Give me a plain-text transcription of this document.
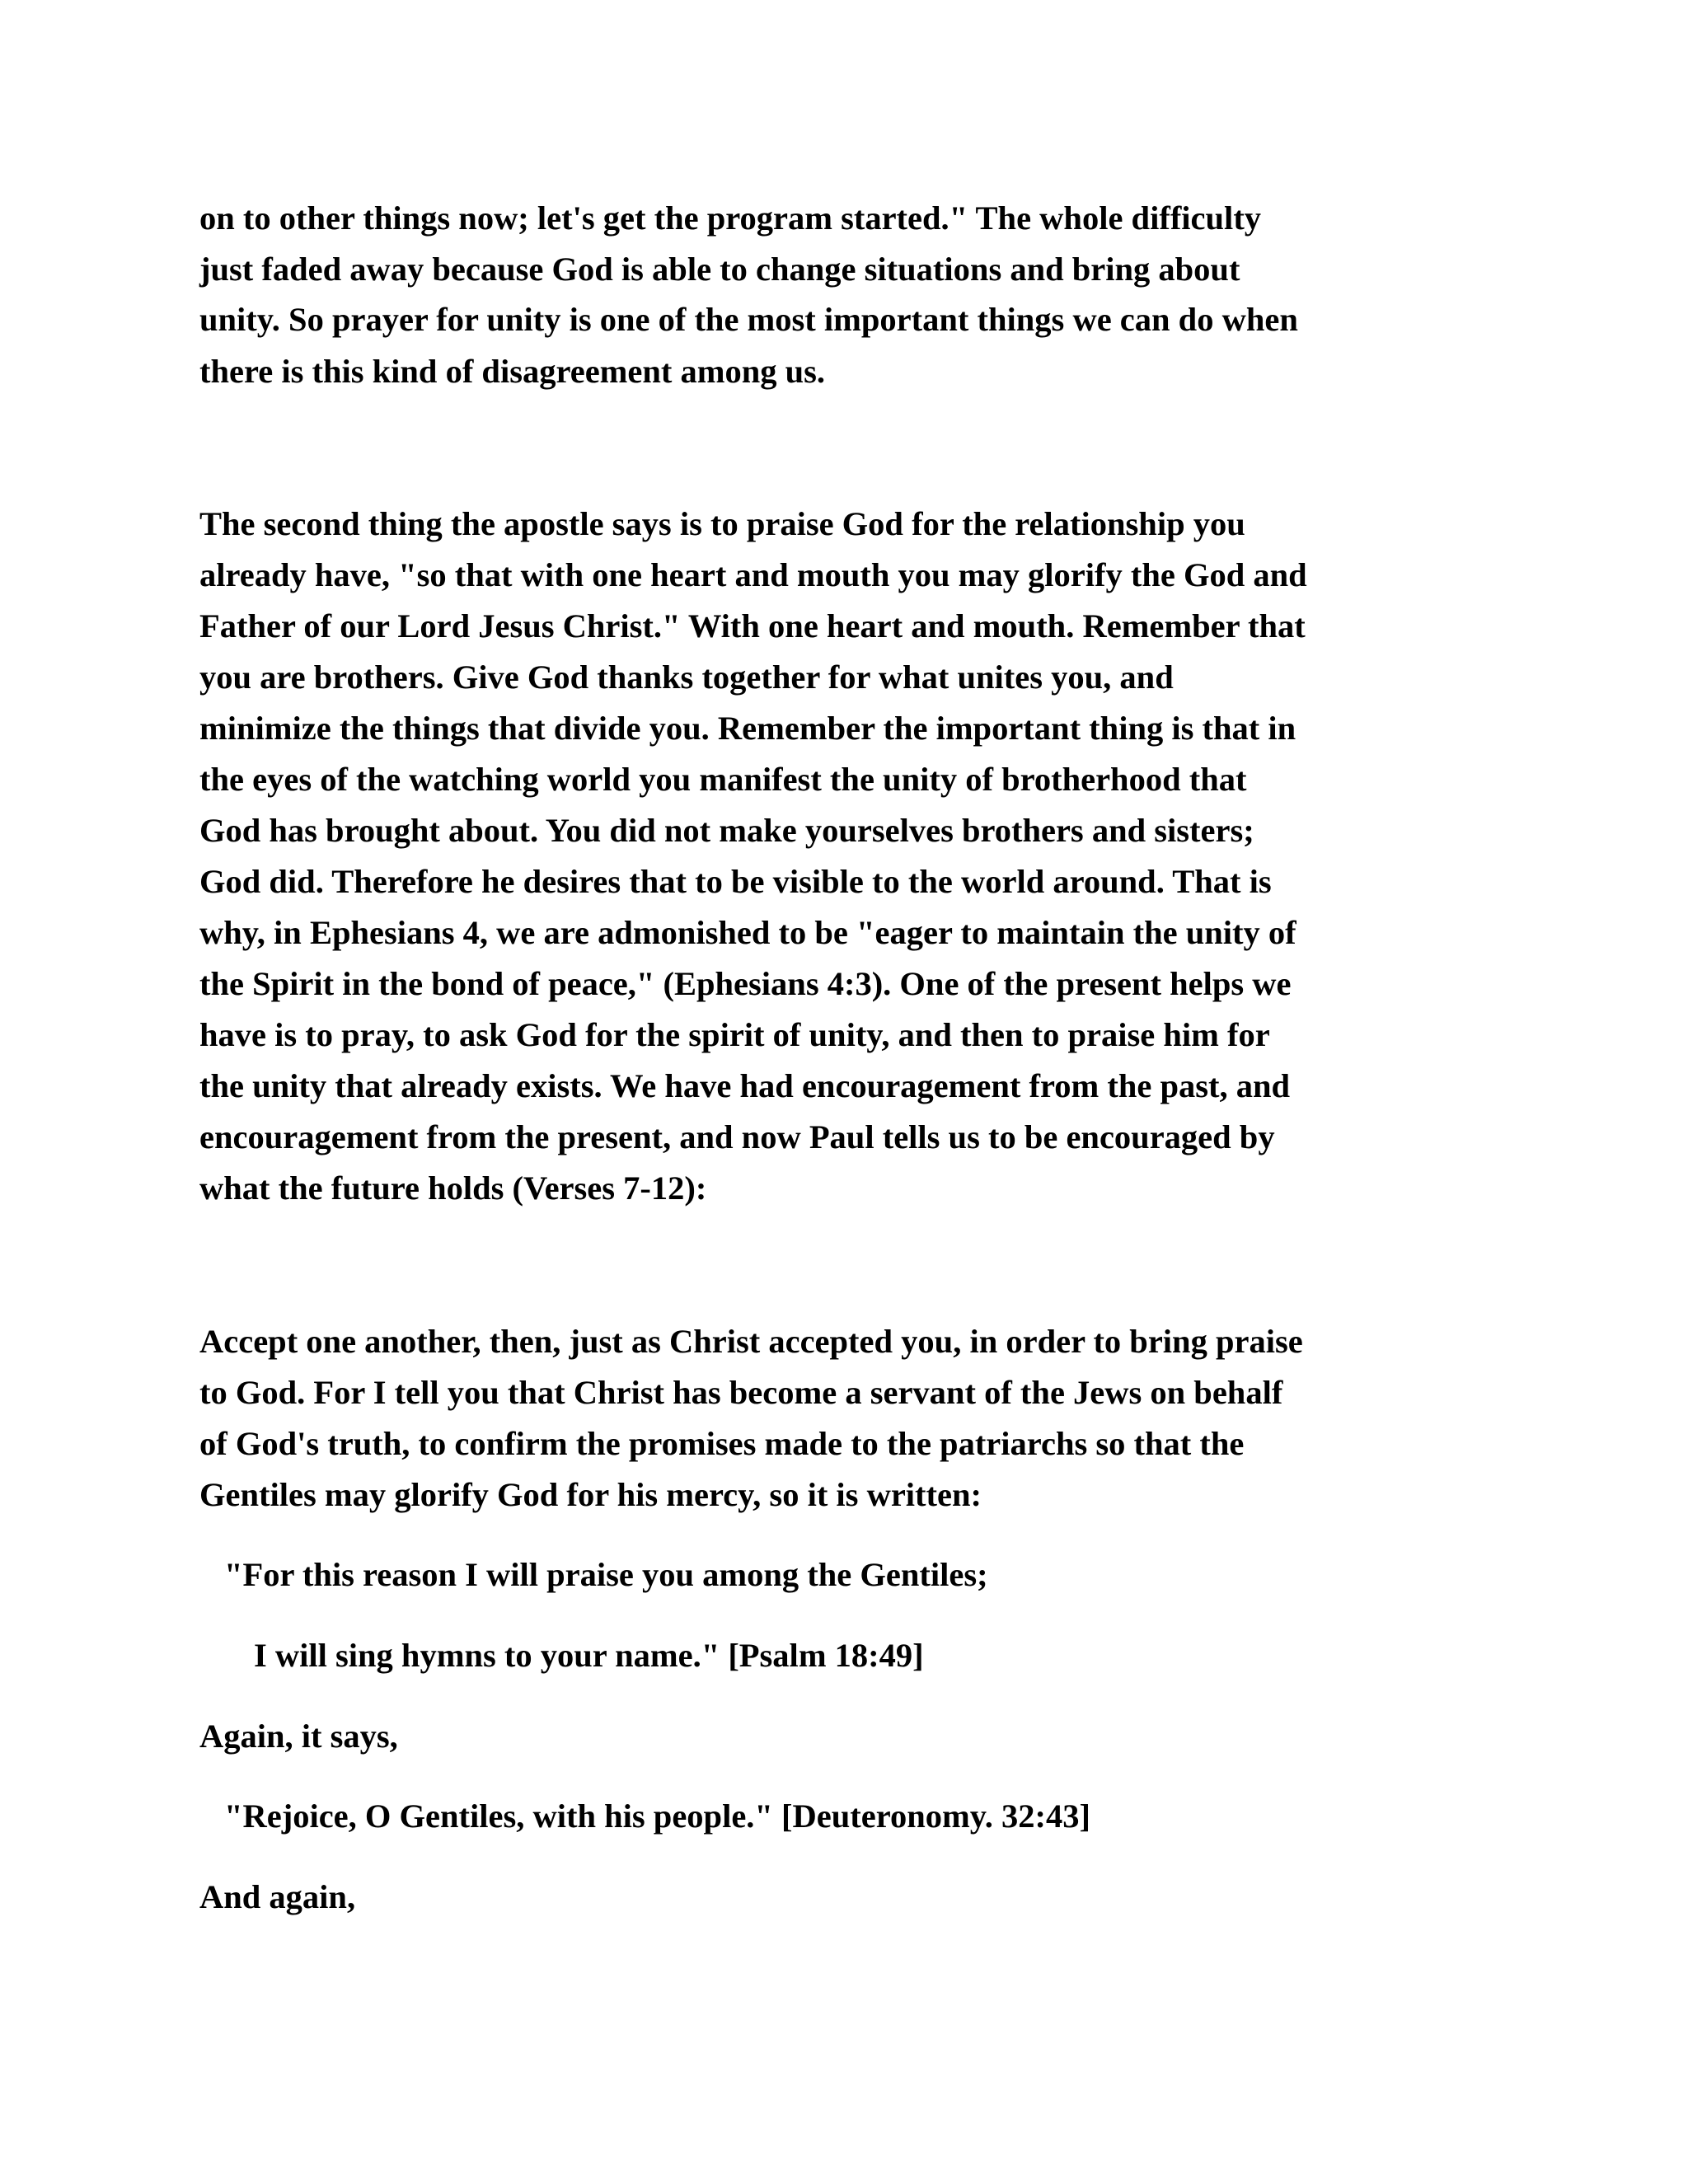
on to other things now; let's get the program started." The whole difficulty

just faded away because God is able to change situations and bring about

unity. So prayer for unity is one of the most important things we can do when

there is this kind of disagreement among us.

The second thing the apostle says is to praise God for the relationship you

already have, "so that with one heart and mouth you may glorify the God and

Father of our Lord Jesus Christ." With one heart and mouth. Remember that

you are brothers. Give God thanks together for what unites you, and

minimize the things that divide you. Remember the important thing is that in

the eyes of the watching world you manifest the unity of brotherhood that

God has brought about. You did not make yourselves brothers and sisters;

God did. Therefore he desires that to be visible to the world around. That is

why, in Ephesians 4, we are admonished to be "eager to maintain the unity of

the Spirit in the bond of peace," (Ephesians 4:3). One of the present helps we

have is to pray, to ask God for the spirit of unity, and then to praise him for

the unity that already exists. We have had encouragement from the past, and

encouragement from the present, and now Paul tells us to be encouraged by

what the future holds (Verses 7-12):

Accept one another, then, just as Christ accepted you, in order to bring praise

to God. For I tell you that Christ has become a servant of the Jews on behalf

of God's truth, to confirm the promises made to the patriarchs so that the

Gentiles may glorify God for his mercy, so it is written:

"For this reason I will praise you among the Gentiles;

I will sing hymns to your name." [Psalm 18:49]

Again, it says,

"Rejoice, O Gentiles, with his people." [Deuteronomy. 32:43]

And again,
